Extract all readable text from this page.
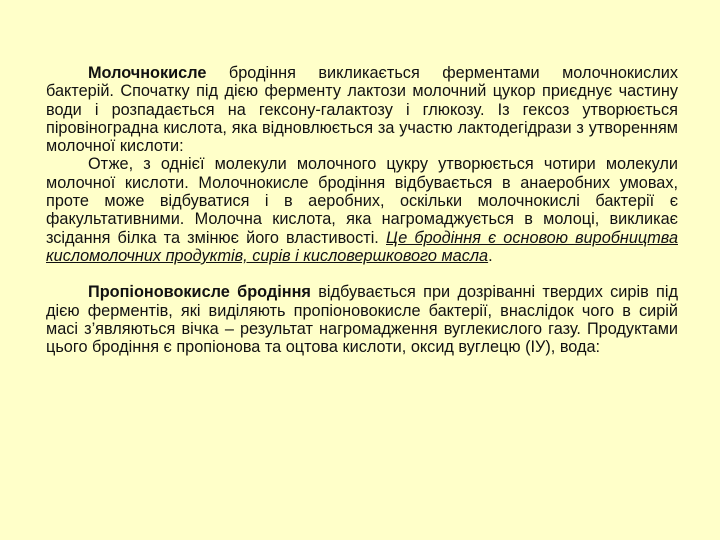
Молочнокисле бродіння викликається ферментами молочнокислих бактерій. Спочатку під дією ферменту лактози молочний цукор приєднує частину води і розпадається на гексону-галактозу і глюкозу. Із гексоз утворюється піровіноградна кислота, яка відновлюється за участю лактодегідрази з утворенням молочної кислоти:

Отже, з однієї молекули молочного цукру утворюється чотири молекули молочної кислоти. Молочнокисле бродіння відбувається в анаеробних умовах, проте може відбуватися і в аеробних, оскільки молочнокислі бактерії є факультативними. Молочна кислота, яка нагромаджується в молоці, викликає зсідання білка та змінює його властивості. Це бродіння є основою виробництва кисломолочних продуктів, сирів і кисловершкового масла.

Пропіоновокисле бродіння відбувається при дозріванні твердих сирів під дією ферментів, які виділяють пропіоновокисле бактерії, внаслідок чого в сирій масі з’являються вічка – результат нагромадження вуглекислого газу. Продуктами цього бродіння є пропіонова та оцтова кислоти, оксид вуглецю (IУ), вода:
